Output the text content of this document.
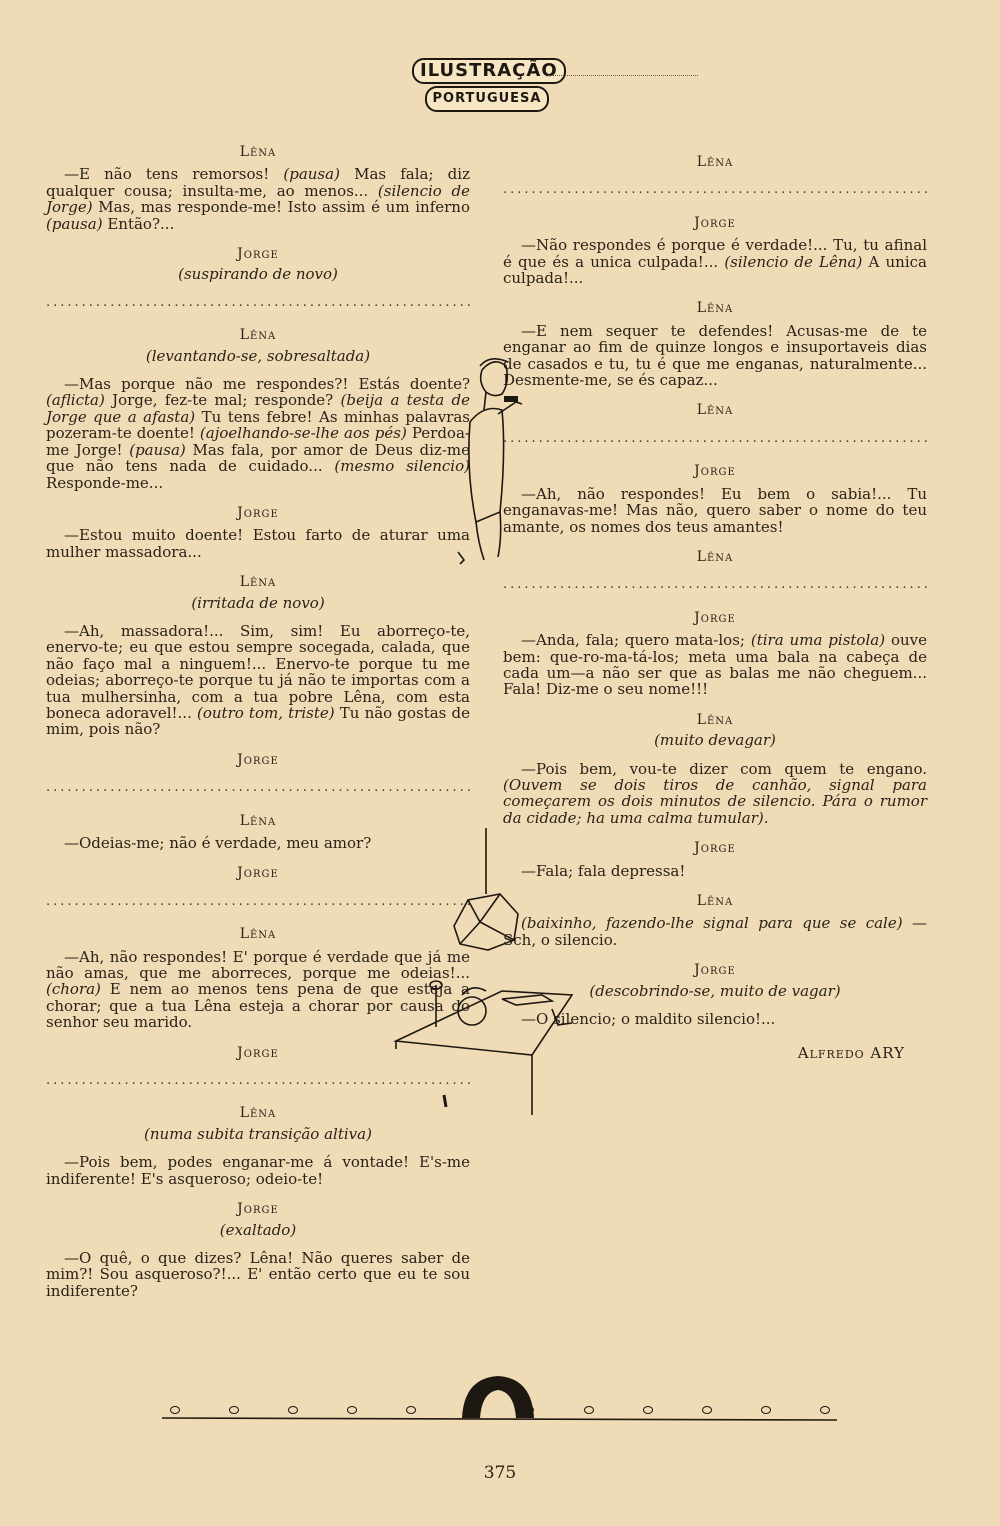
ILUSTRAÇÃO
PORTUGUESA
Lêna
—E não tens remorsos! (pausa) Mas fala; diz qualquer cousa; insulta-me, ao menos... (silencio de Jorge) Mas, mas responde-me! Isto assim é um inferno (pausa) Então?...
Jorge
(suspirando de novo)
.....
Lêna
(levantando-se, sobresaltada)
—Mas porque não me respondes?! Estás doente? (aflicta) Jorge, fez-te mal; responde? (beija a testa de Jorge que a afasta) Tu tens febre! As minhas palavras pozeram-te doente! (ajoelhando-se-lhe aos pés) Perdoa-me Jorge! (pausa) Mas fala, por amor de Deus diz-me que não tens nada de cuidado... (mesmo silencio) Responde-me...
Jorge
—Estou muito doente! Estou farto de aturar uma mulher massadora...
Lêna
(irritada de novo)
—Ah, massadora!... Sim, sim! Eu aborreço-te, enervo-te; eu que estou sempre socegada, calada, que não faço mal a ninguem!... Enervo-te porque tu me odeias; aborreço-te porque tu já não te importas com a tua mulhersinha, com a tua pobre Lêna, com esta boneca adoravel!... (outro tom, triste) Tu não gostas de mim, pois não?
Jorge
.....
Lêna
—Odeias-me; não é verdade, meu amor?
Jorge
.....
Lêna
—Ah, não respondes! E' porque é verdade que já me não amas, que me aborreces, porque me odeias!... (chora) E nem ao menos tens pena de que esteja a chorar; que a tua Lêna esteja a chorar por causa do senhor seu marido.
Jorge
.....
Lêna
(numa subita transição altiva)
—Pois bem, podes enganar-me á vontade! E's-me indiferente! E's asqueroso; odeio-te!
Jorge
(exaltado)
—O quê, o que dizes? Lêna! Não queres saber de mim?! Sou asqueroso?!... E' então certo que eu te sou indiferente?
Lêna
.....
Jorge
—Não respondes é porque é verdade!... Tu, tu afinal é que és a unica culpada!... (silencio de Lêna) A unica culpada!...
Lêna
—E nem sequer te defendes! Acusas-me de te enganar ao fim de quinze longos e insuportaveis dias de casados e tu, tu é que me enganas, naturalmente... Desmente-me, se és capaz...
Lêna
.....
Jorge
—Ah, não respondes! Eu bem o sabia!... Tu enganavas-me! Mas não, quero saber o nome do teu amante, os nomes dos teus amantes!
Lêna
.....
Jorge
—Anda, fala; quero mata-los; (tira uma pistola) ouve bem: que-ro-ma-tá-los; meta uma bala na cabeça de cada um—a não ser que as balas me não cheguem... Fala! Diz-me o seu nome!!!
Lêna
(muito devagar)
—Pois bem, vou-te dizer com quem te engano. (Ouvem se dois tiros de canhão, signal para começarem os dois minutos de silencio. Pára o rumor da cidade; ha uma calma tumular).
Jorge
—Fala; fala depressa!
Lêna
(baixinho, fazendo-lhe signal para que se cale) —Sch, o silencio.
Jorge
(descobrindo-se, muito de vagar)
—O silencio; o maldito silencio!...
Alfredo ARY
375
